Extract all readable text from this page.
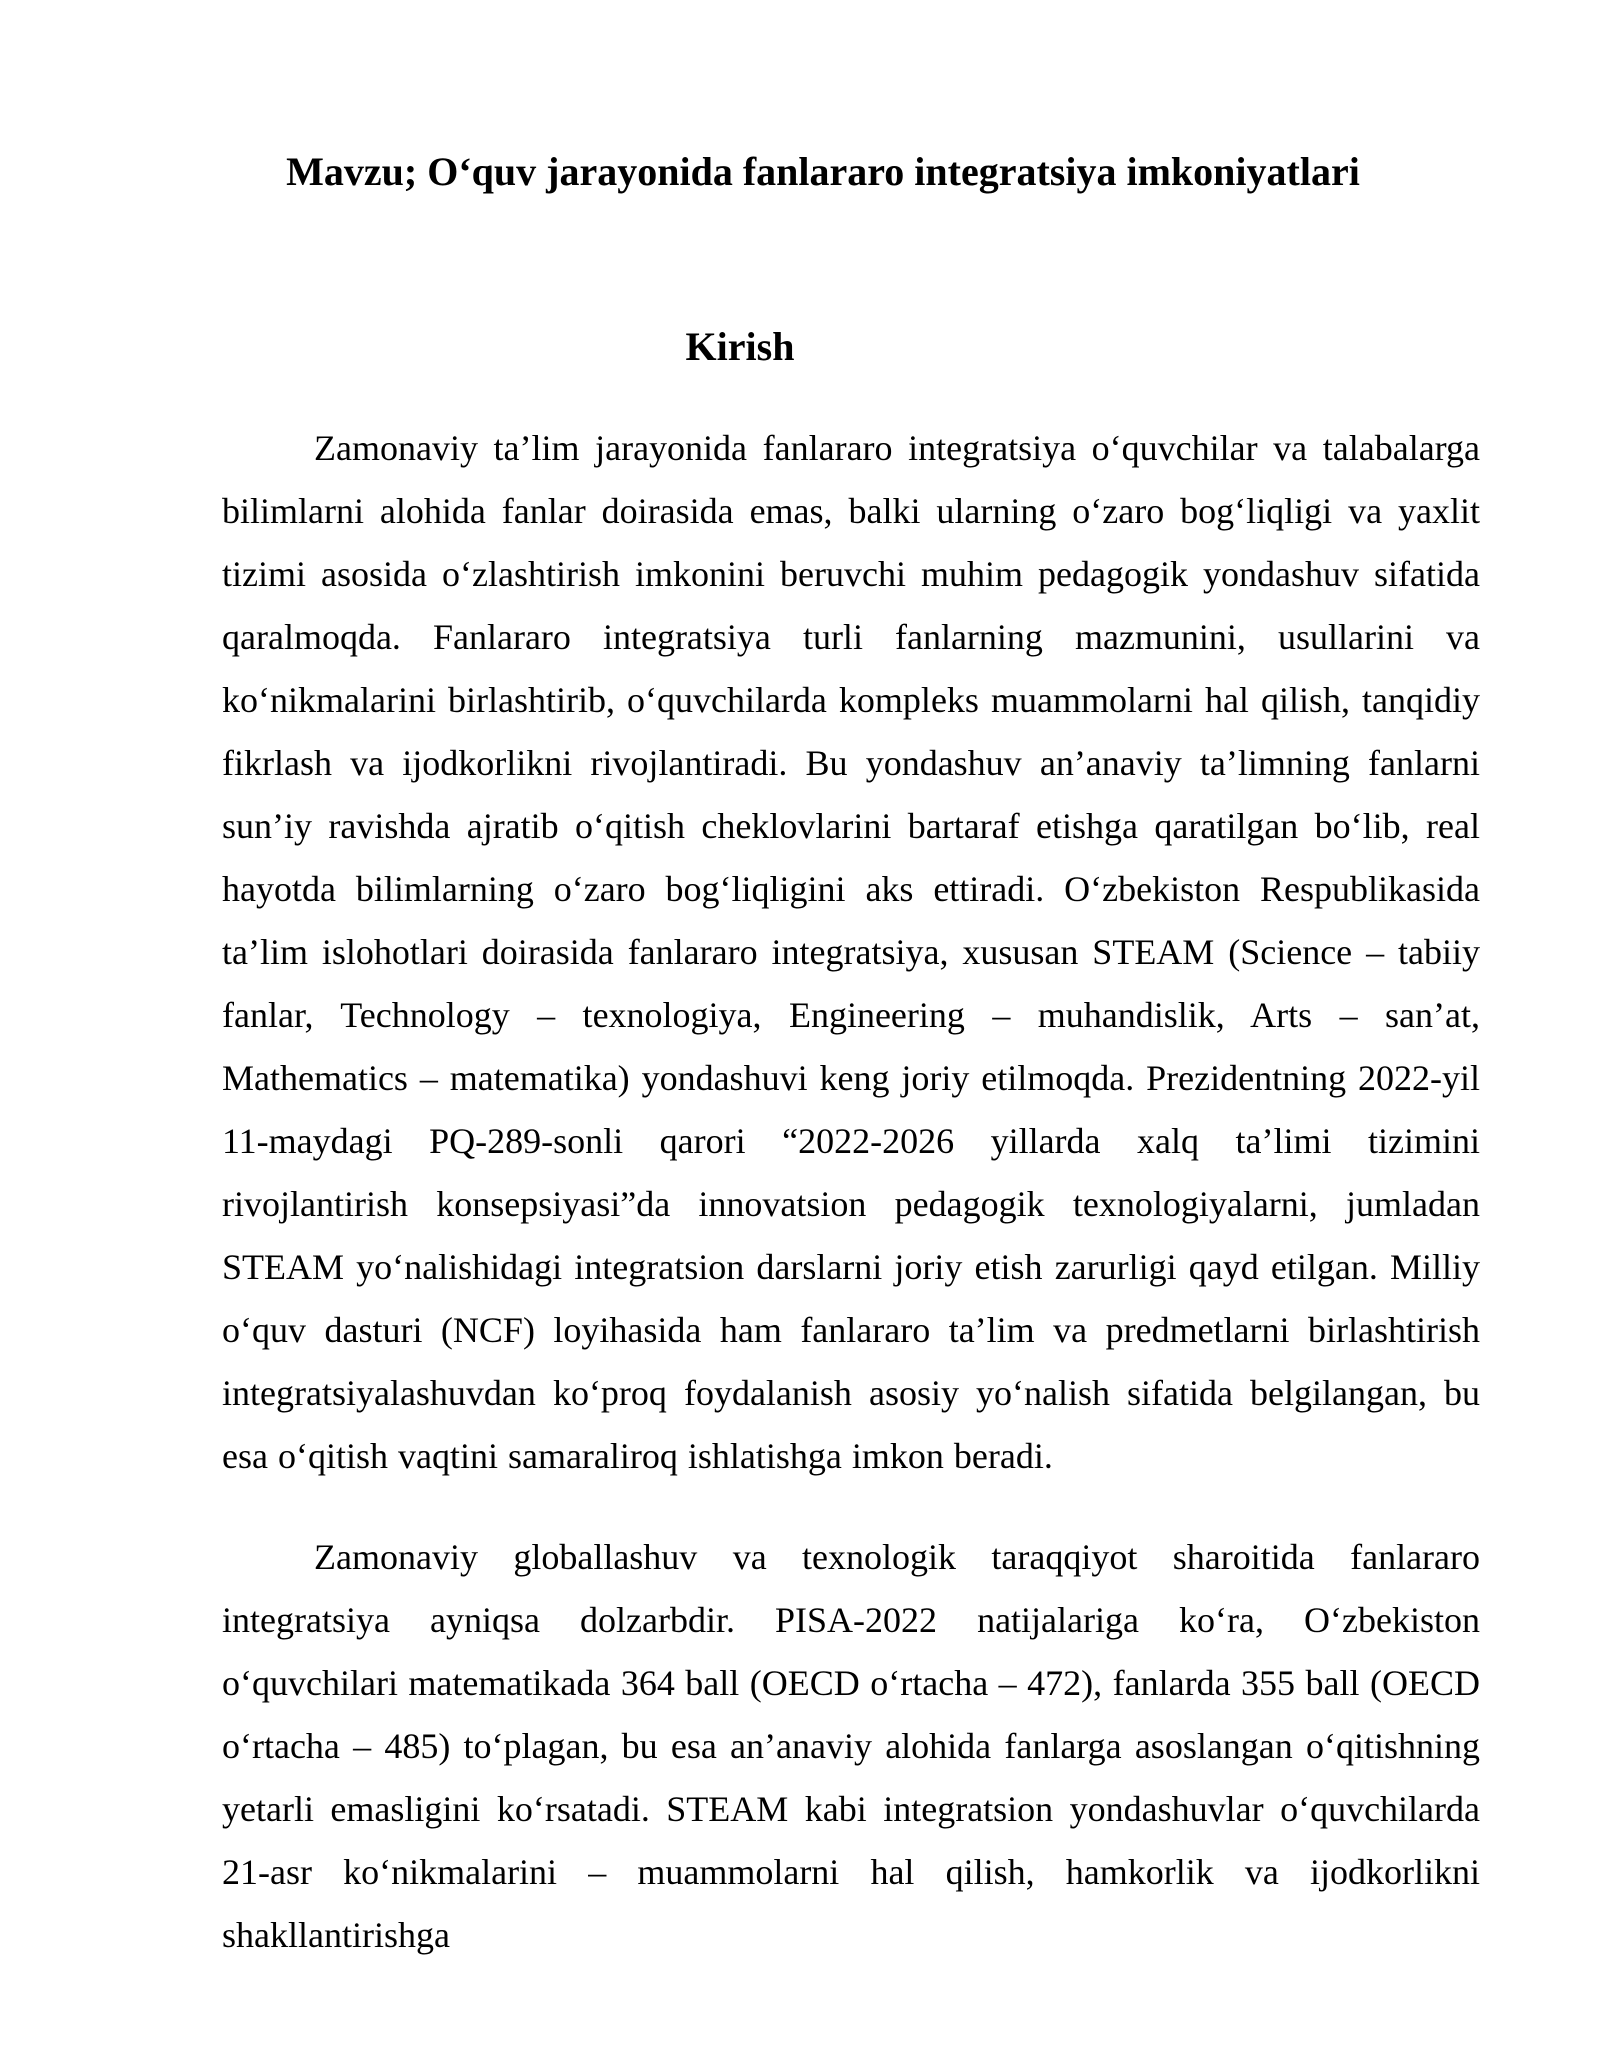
Mavzu; O‘quv jarayonida fanlararo integratsiya imkoniyatlari
Kirish

Zamonaviy ta’lim jarayonida fanlararo integratsiya o‘quvchilar va talabalarga bilimlarni alohida fanlar doirasida emas, balki ularning o‘zaro bog‘liqligi va yaxlit tizimi asosida o‘zlashtirish imkonini beruvchi muhim pedagogik yondashuv sifatida qaralmoqda. Fanlararo integratsiya turli fanlarning mazmunini, usullarini va ko‘nikmalarini birlashtirib, o‘quvchilarda kompleks muammolarni hal qilish, tanqidiy fikrlash va ijodkorlikni rivojlantiradi. Bu yondashuv an’anaviy ta’limning fanlarni sun’iy ravishda ajratib o‘qitish cheklovlarini bartaraf etishga qaratilgan bo‘lib, real hayotda bilimlarning o‘zaro bog‘liqligini aks ettiradi. O‘zbekiston Respublikasida ta’lim islohotlari doirasida fanlararo integratsiya, xususan STEAM (Science – tabiiy fanlar, Technology – texnologiya, Engineering – muhandislik, Arts – san’at, Mathematics – matematika) yondashuvi keng joriy etilmoqda. Prezidentning 2022-yil 11-maydagi PQ-289-sonli qarori “2022-2026 yillarda xalq ta’limi tizimini rivojlantirish konsepsiyasi”da innovatsion pedagogik texnologiyalarni, jumladan STEAM yo‘nalishidagi integratsion darslarni joriy etish zarurligi qayd etilgan. Milliy o‘quv dasturi (NCF) loyihasida ham fanlararo ta’lim va predmetlarni birlashtirish integratsiyalashuvdan ko‘proq foydalanish asosiy yo‘nalish sifatida belgilangan, bu esa o‘qitish vaqtini samaraliroq ishlatishga imkon beradi.

Zamonaviy globallashuv va texnologik taraqqiyot sharoitida fanlararo integratsiya ayniqsa dolzarbdir. PISA-2022 natijalariga ko‘ra, O‘zbekiston o‘quvchilari matematikada 364 ball (OECD o‘rtacha – 472), fanlarda 355 ball (OECD o‘rtacha – 485) to‘plagan, bu esa an’anaviy alohida fanlarga asoslangan o‘qitishning yetarli emasligini ko‘rsatadi. STEAM kabi integratsion yondashuvlar o‘quvchilarda 21-asr ko‘nikmalarini – muammolarni hal qilish, hamkorlik va ijodkorlikni shakllantirishga
